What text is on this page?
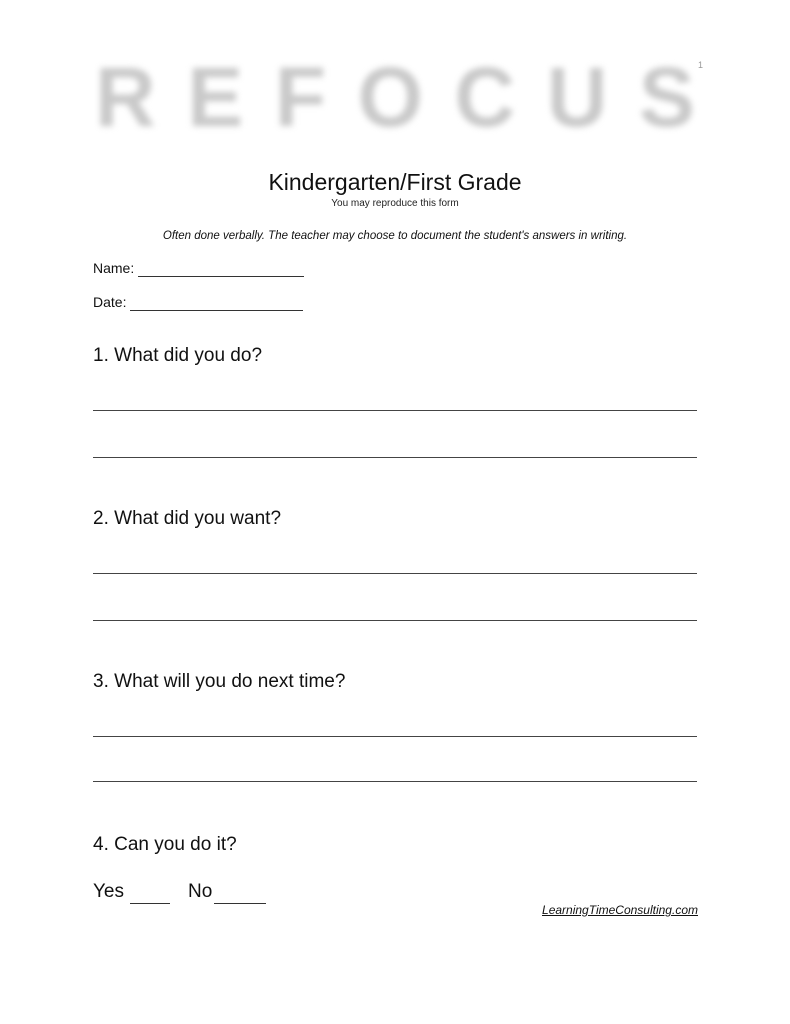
R E F O C U S 1
Kindergarten/First Grade
You may reproduce this form
Often done verbally. The teacher may choose to document the student's answers in writing.
Name:
Date:
1. What did you do?
2. What did you want?
3. What will you do next time?
4. Can you do it?
Yes	No
LearningTimeConsulting.com
